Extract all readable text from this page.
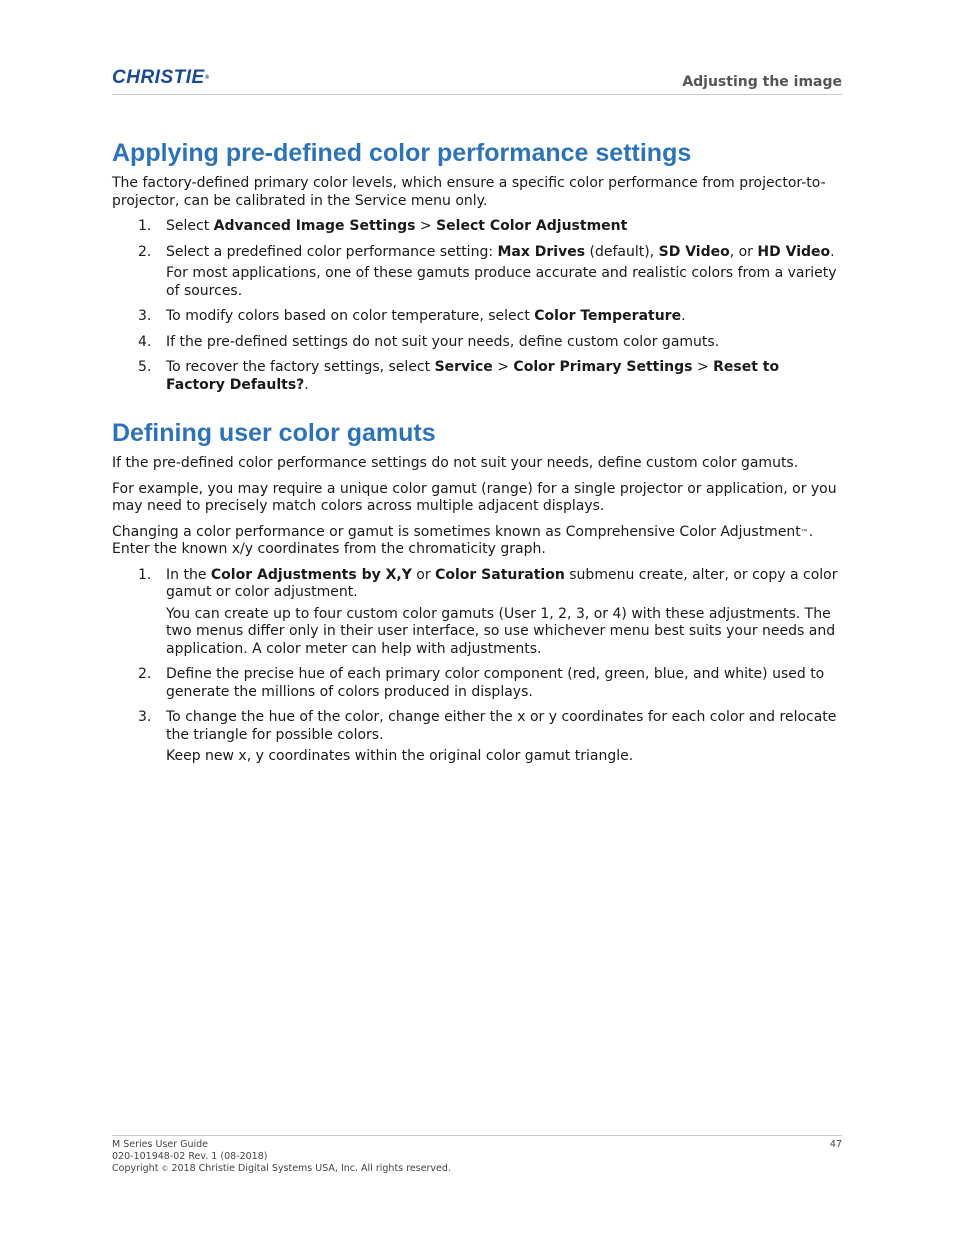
CHRISTIE®	Adjusting the image
Applying pre-defined color performance settings

The factory-defined primary color levels, which ensure a specific color performance from projector-to-projector, can be calibrated in the Service menu only.

1. Select Advanced Image Settings > Select Color Adjustment

2. Select a predefined color performance setting: Max Drives (default), SD Video, or HD Video.

For most applications, one of these gamuts produce accurate and realistic colors from a variety of sources.

3. To modify colors based on color temperature, select Color Temperature.

4. If the pre-defined settings do not suit your needs, define custom color gamuts.

5. To recover the factory settings, select Service > Color Primary Settings > Reset to Factory Defaults?.

Defining user color gamuts

If the pre-defined color performance settings do not suit your needs, define custom color gamuts.

For example, you may require a unique color gamut (range) for a single projector or application, or you may need to precisely match colors across multiple adjacent displays.

Changing a color performance or gamut is sometimes known as Comprehensive Color Adjustment™. Enter the known x/y coordinates from the chromaticity graph.

1. In the Color Adjustments by X,Y or Color Saturation submenu create, alter, or copy a color gamut or color adjustment.

You can create up to four custom color gamuts (User 1, 2, 3, or 4) with these adjustments. The two menus differ only in their user interface, so use whichever menu best suits your needs and application. A color meter can help with adjustments.

2. Define the precise hue of each primary color component (red, green, blue, and white) used to generate the millions of colors produced in displays.

3. To change the hue of the color, change either the x or y coordinates for each color and relocate the triangle for possible colors.

Keep new x, y coordinates within the original color gamut triangle.

M Series User Guide
020-101948-02 Rev. 1 (08-2018)
Copyright © 2018 Christie Digital Systems USA, Inc. All rights reserved.
47
